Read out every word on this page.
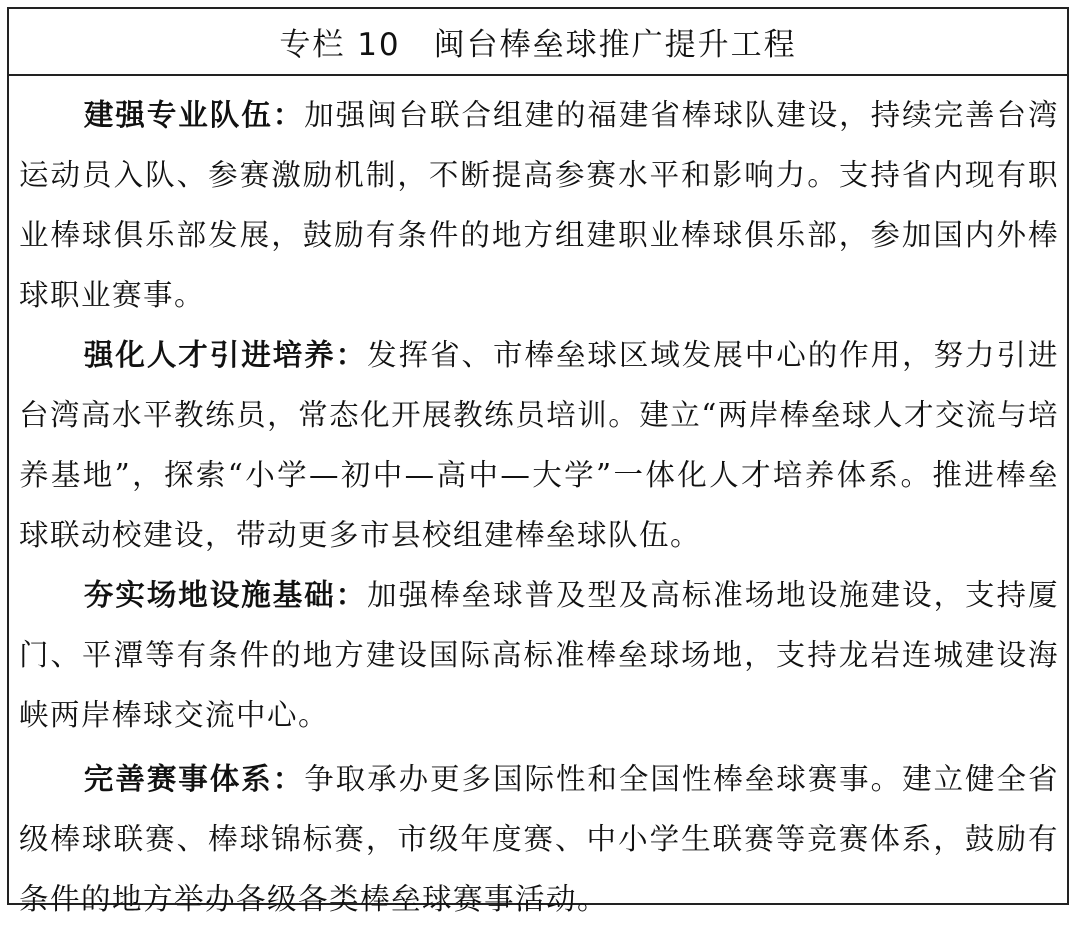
专栏 10　闽台棒垒球推广提升工程

建强专业队伍：加强闽台联合组建的福建省棒球队建设，持续完善台湾运动员入队、参赛激励机制，不断提高参赛水平和影响力。支持省内现有职业棒球俱乐部发展，鼓励有条件的地方组建职业棒球俱乐部，参加国内外棒球职业赛事。

强化人才引进培养：发挥省、市棒垒球区域发展中心的作用，努力引进台湾高水平教练员，常态化开展教练员培训。建立“两岸棒垒球人才交流与培养基地”，探索“小学—初中—高中—大学”一体化人才培养体系。推进棒垒球联动校建设，带动更多市县校组建棒垒球队伍。

夯实场地设施基础：加强棒垒球普及型及高标准场地设施建设，支持厦门、平潭等有条件的地方建设国际高标准棒垒球场地，支持龙岩连城建设海峡两岸棒球交流中心。

完善赛事体系：争取承办更多国际性和全国性棒垒球赛事。建立健全省级棒球联赛、棒球锦标赛，市级年度赛、中小学生联赛等竞赛体系，鼓励有条件的地方举办各级各类棒垒球赛事活动。
